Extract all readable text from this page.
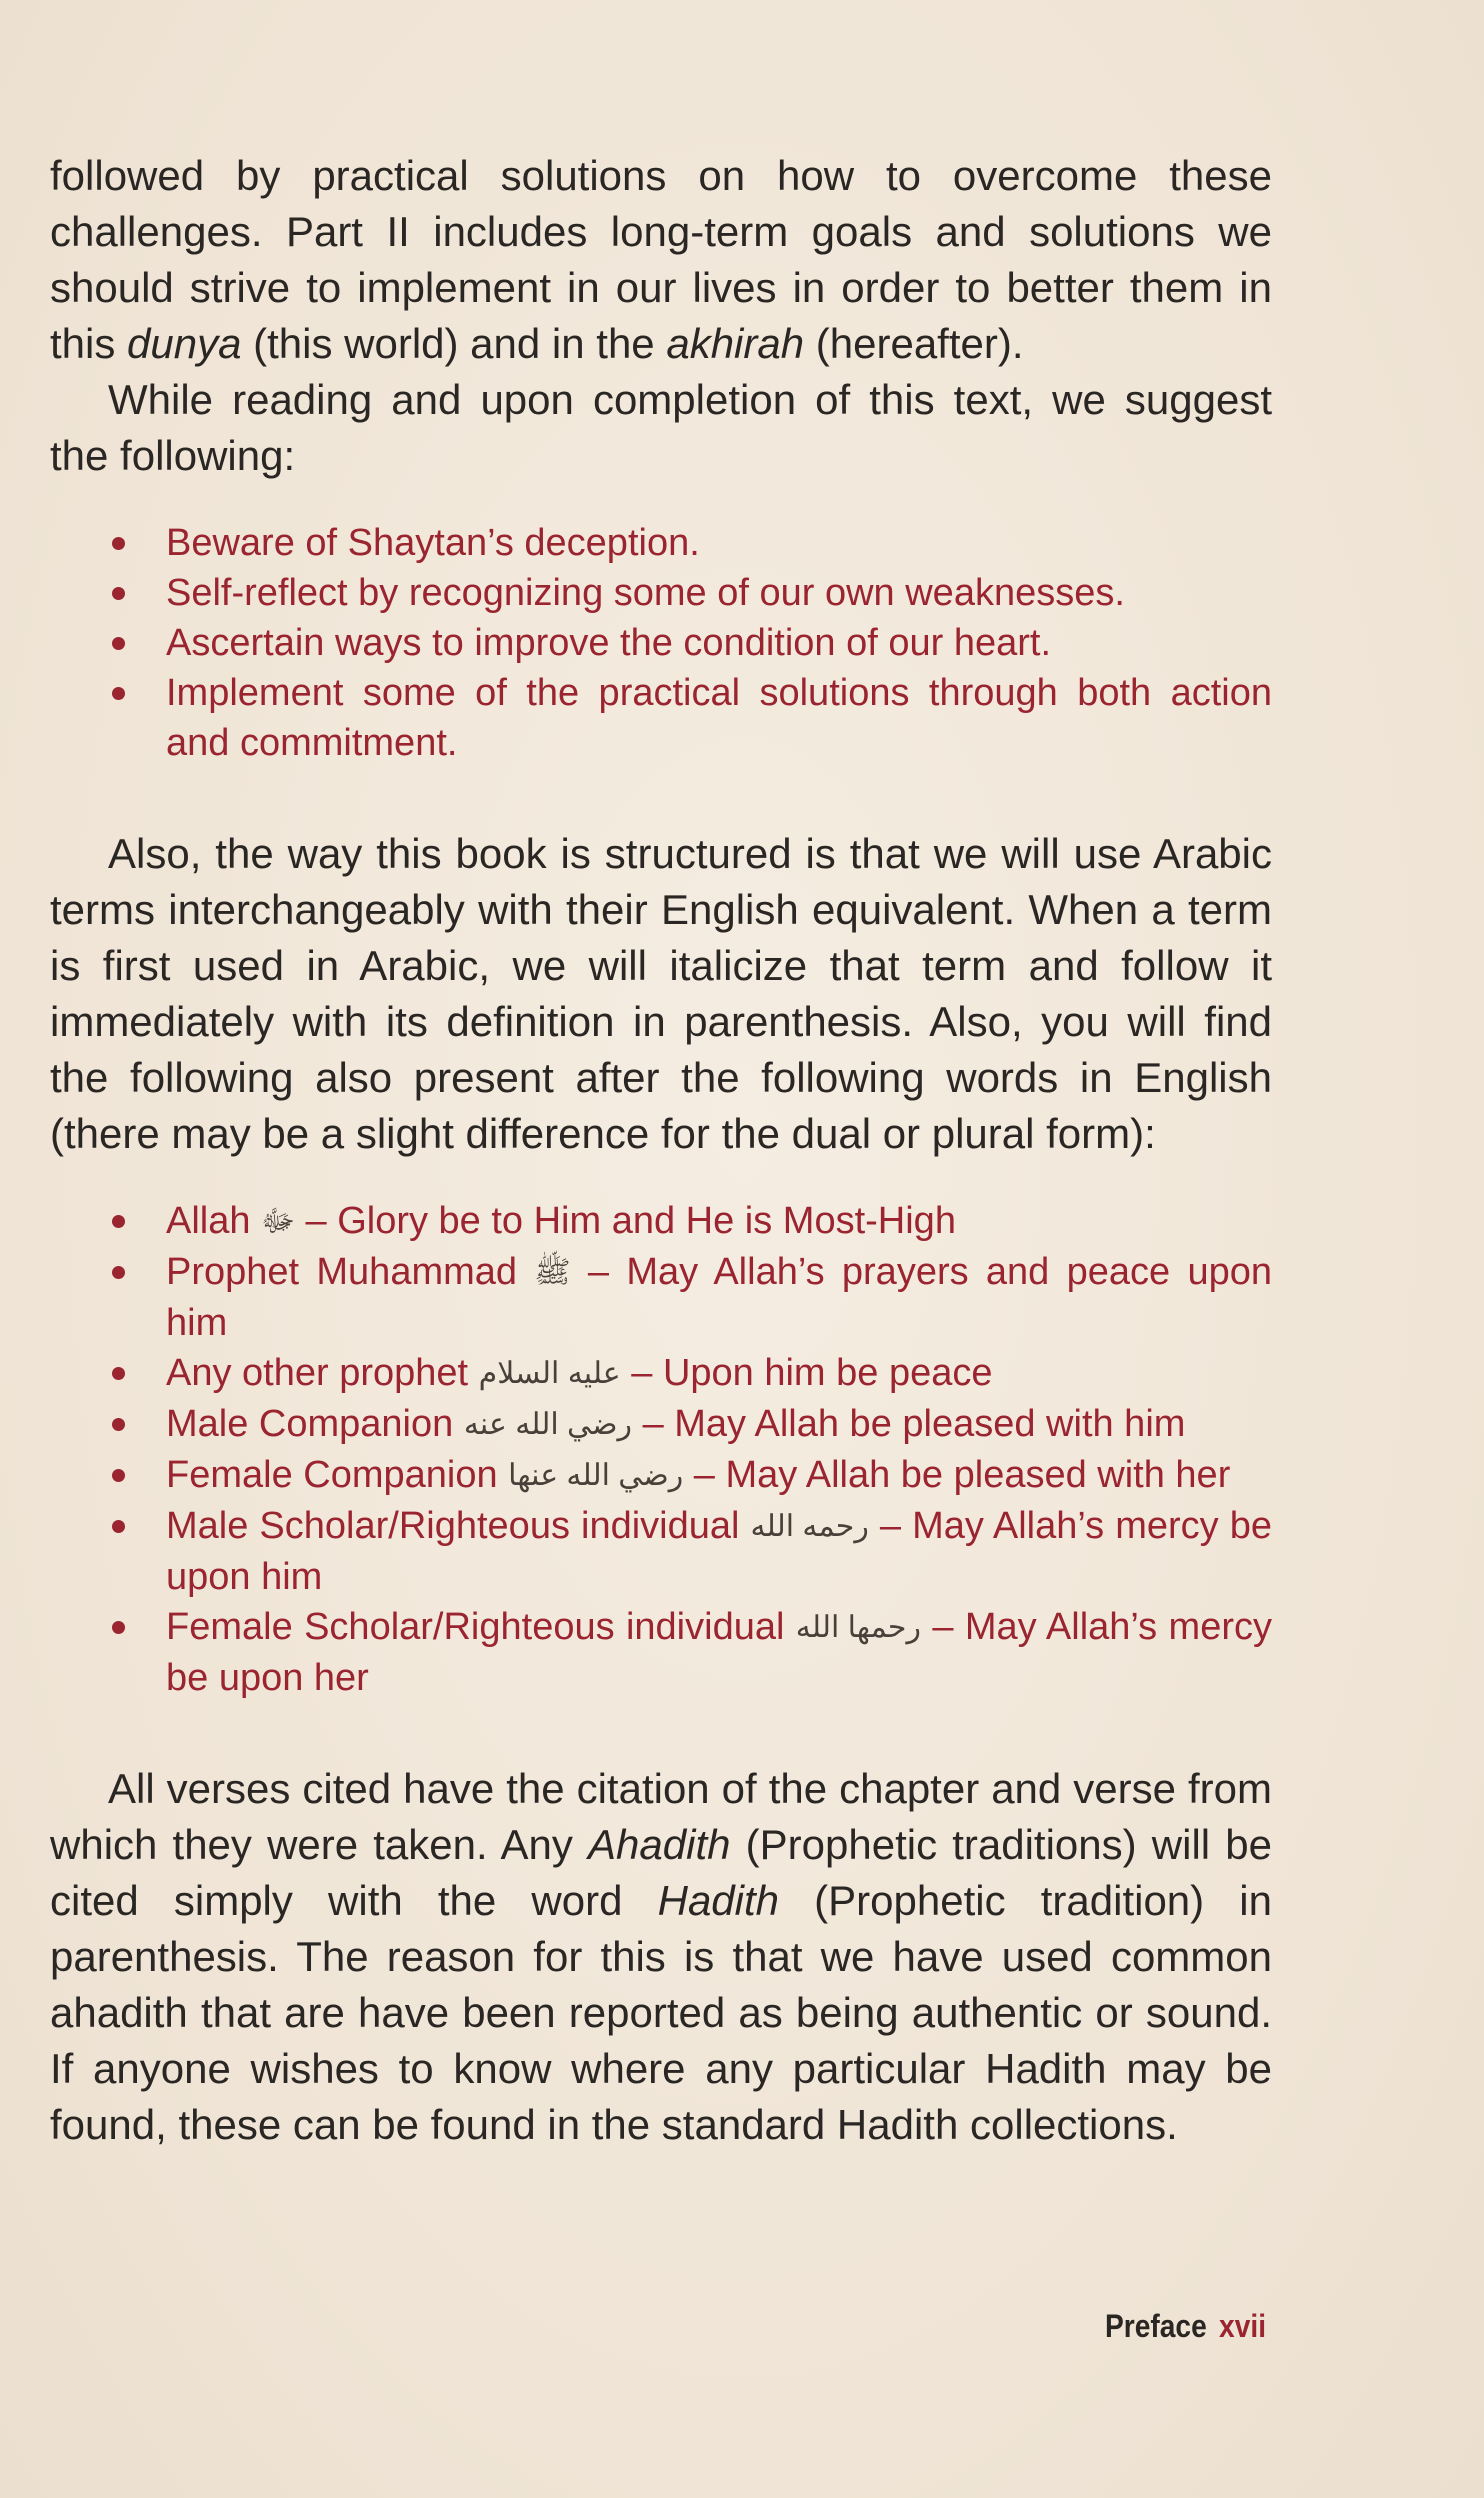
followed by practical solutions on how to overcome these challenges. Part II includes long-term goals and solutions we should strive to implement in our lives in order to better them in this dunya (this world) and in the akhirah (hereafter).

While reading and upon completion of this text, we suggest the following:

Beware of Shaytan’s deception.
Self-reflect by recognizing some of our own weaknesses.
Ascertain ways to improve the condition of our heart.
Implement some of the practical solutions through both action and commitment.

Also, the way this book is structured is that we will use Arabic terms interchangeably with their English equivalent. When a term is first used in Arabic, we will italicize that term and follow it immediately with its definition in parenthesis. Also, you will find the following also present after the following words in English (there may be a slight difference for the dual or plural form):

Allah ﷻ – Glory be to Him and He is Most-High
Prophet Muhammad ﷺ – May Allah’s prayers and peace upon him
Any other prophet عليه السلام – Upon him be peace
Male Companion رضي الله عنه – May Allah be pleased with him
Female Companion رضي الله عنها – May Allah be pleased with her
Male Scholar/Righteous individual رحمه الله – May Allah’s mercy be upon him
Female Scholar/Righteous individual رحمها الله – May Allah’s mercy be upon her

All verses cited have the citation of the chapter and verse from which they were taken. Any Ahadith (Prophetic traditions) will be cited simply with the word Hadith (Prophetic tradition) in parenthesis. The reason for this is that we have used common ahadith that are have been reported as being authentic or sound. If anyone wishes to know where any particular Hadith may be found, these can be found in the standard Hadith collections.

Preface xvii
